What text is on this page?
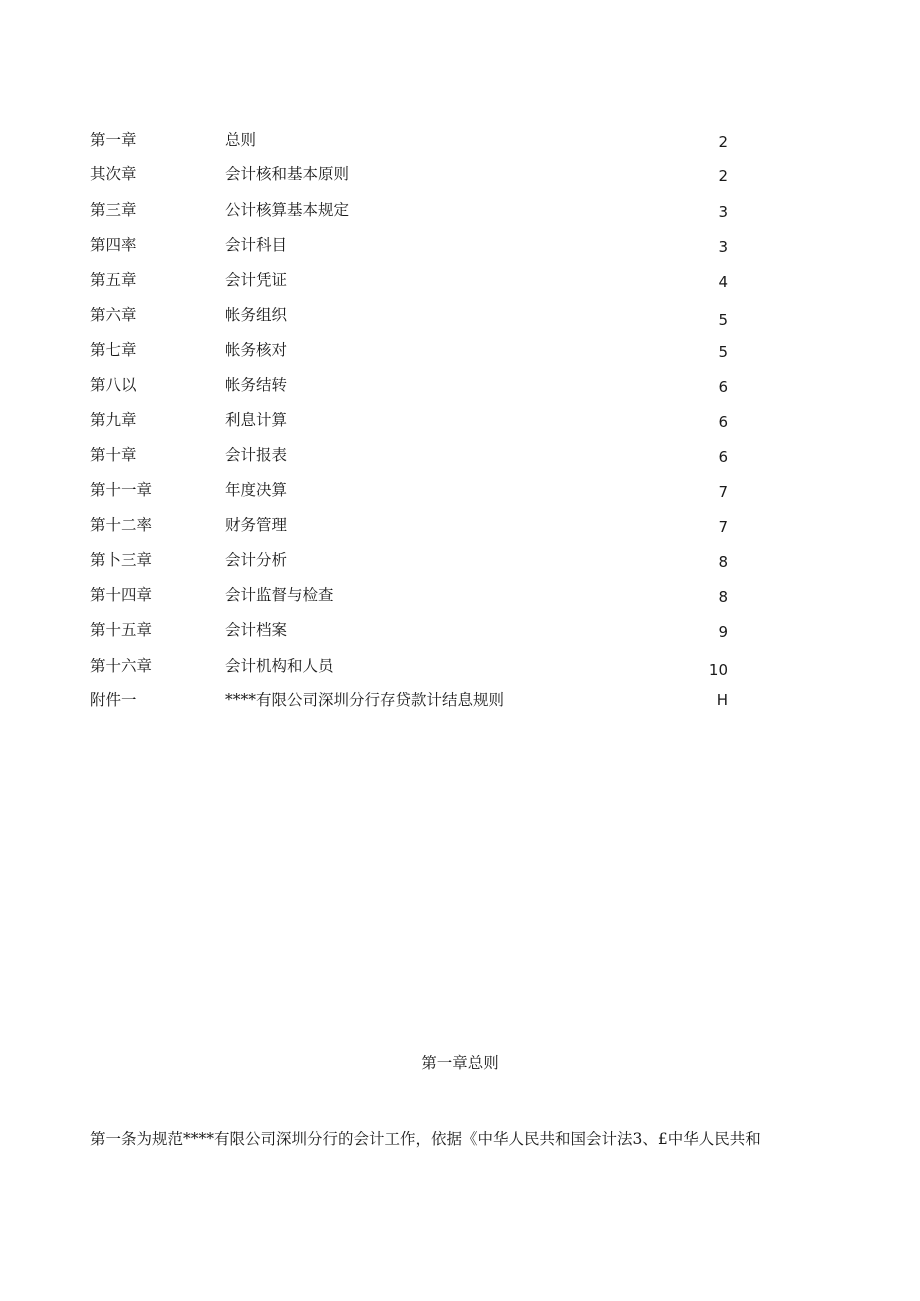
第一章	总则	2
其次章	会计核和基本原则	2
第三章	公计核算基本规定	3
第四率	会计科目	3
第五章	会计凭证	4
第六章	帐务组织	5
第七章	帐务核对	5
第八以	帐务结转	6
第九章	利息计算	6
第十章	会计报表	6
第十一章	年度决算	7
第十二率	财务管理	7
第卜三章	会计分析	8
第十四章	会计监督与检查	8
第十五章	会计档案	9
第十六章	会计机构和人员	10
附件一	****有限公司深圳分行存贷款计结息规则	H
第一章总则
第一条为规范****有限公司深圳分行的会计工作，依据《中华人民共和国会计法3、£中华人民共和
